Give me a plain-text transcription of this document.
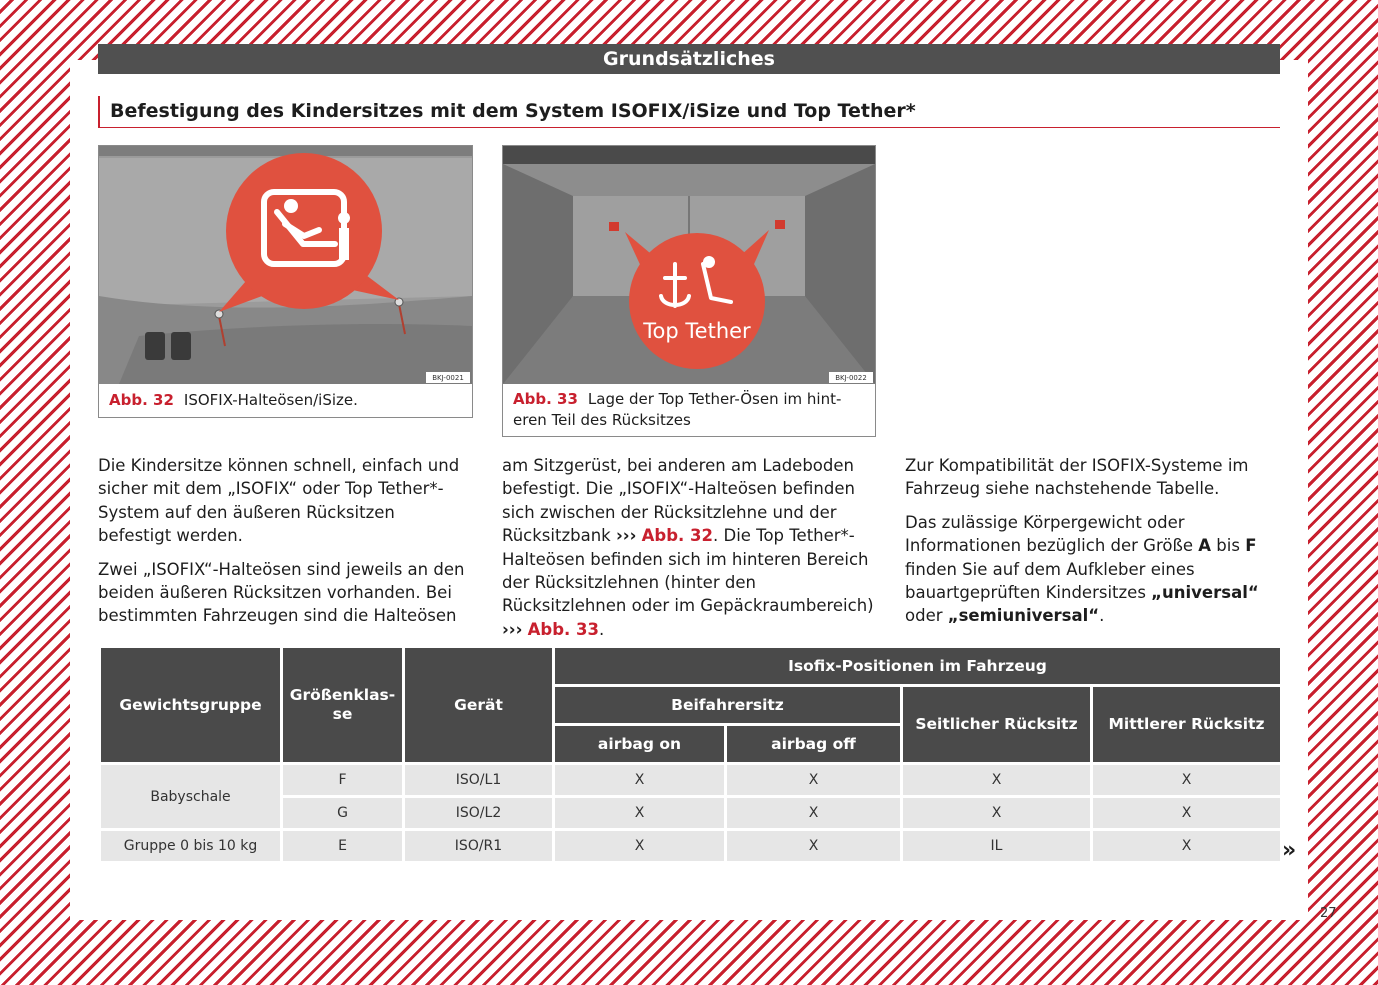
Grundsätzliches
Befestigung des Kindersitzes mit dem System ISOFIX/iSize und Top Tether*
BKJ-0021
Abb. 32 ISOFIX-Halteösen/iSize.
Top Tether
BKJ-0022
Abb. 33 Lage der Top Tether-Ösen im hint-
eren Teil des Rücksitzes

Die Kindersitze können schnell, einfach und sicher mit dem „ISOFIX“ oder Top Tether*-System auf den äußeren Rücksitzen befestigt werden.

Zwei „ISOFIX“-Halteösen sind jeweils an den beiden äußeren Rücksitzen vorhanden. Bei bestimmten Fahrzeugen sind die Halteösen

am Sitzgerüst, bei anderen am Ladeboden befestigt. Die „ISOFIX“-Halteösen befinden sich zwischen der Rücksitzlehne und der Rücksitzbank ››› Abb. 32. Die Top Tether*-Halteösen befinden sich im hinteren Bereich der Rücksitzlehnen (hinter den Rücksitzlehnen oder im Gepäckraumbereich) ››› Abb. 33.

Zur Kompatibilität der ISOFIX-Systeme im Fahrzeug siehe nachstehende Tabelle.

Das zulässige Körpergewicht oder Informationen bezüglich der Größe A bis F finden Sie auf dem Aufkleber eines bauartgeprüften Kindersitzes „universal“ oder „semiuniversal“.

Gewichtsgruppe	Größenklas-se	Gerät	Isofix-Positionen im Fahrzeug			
			Beifahrersitz		Seitlicher Rücksitz	Mittlerer Rücksitz
			airbag on	airbag off		
Babyschale	F	ISO/L1	X	X	X	X
	G	ISO/L2	X	X	X	X
Gruppe 0 bis 10 kg	E	ISO/R1	X	X	IL	X	»
27
